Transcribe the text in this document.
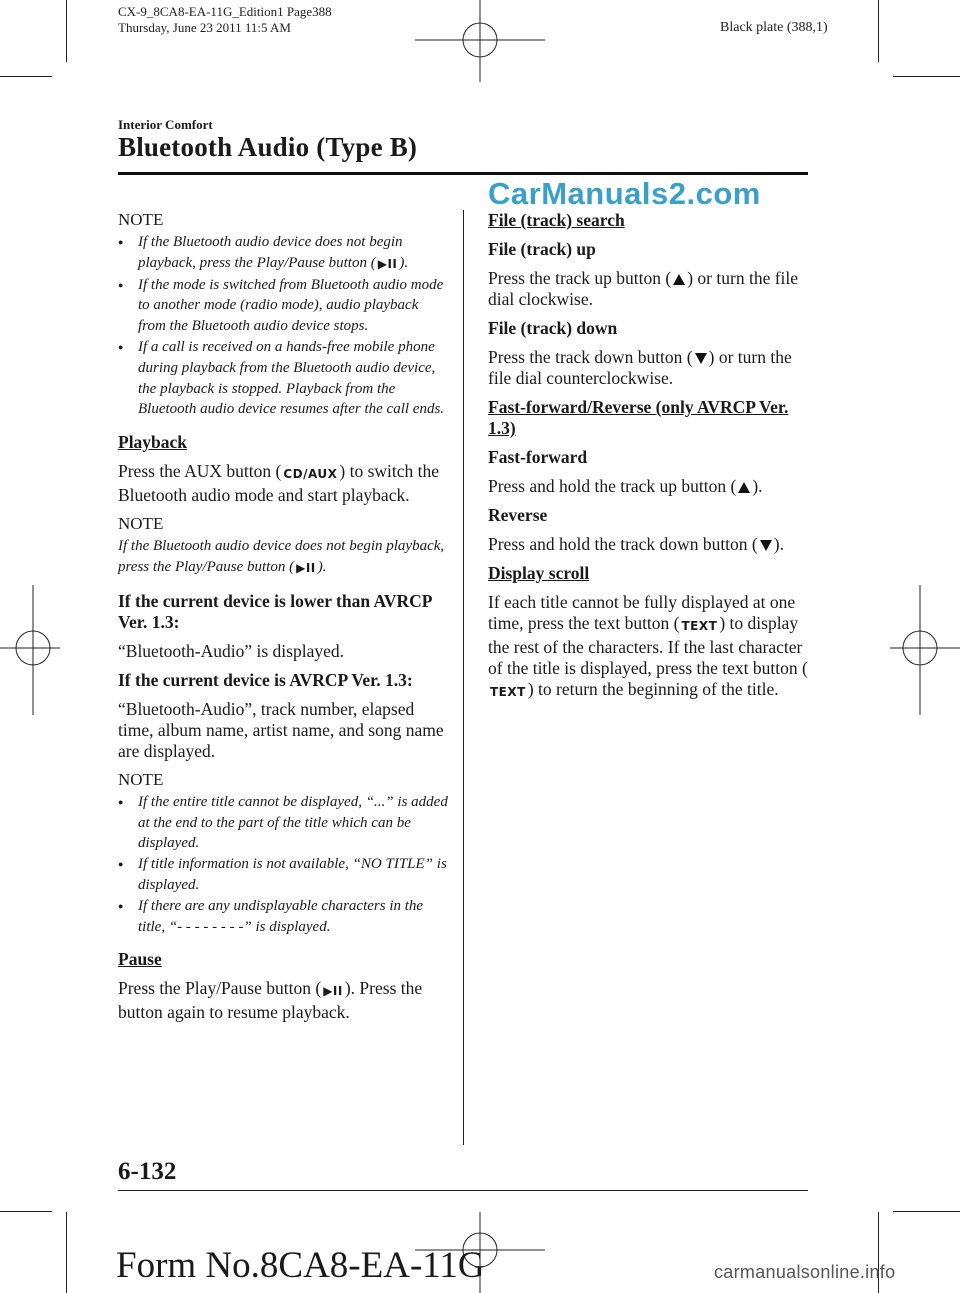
CX-9_8CA8-EA-11G_Edition1 Page388
Thursday, June 23 2011 11:5 AM	Black plate (388,1)
Interior Comfort
Bluetooth Audio (Type B)
CarManuals2.com
NOTE
● If the Bluetooth audio device does not begin playback, press the Play/Pause button ( ▶II ).
● If the mode is switched from Bluetooth audio mode to another mode (radio mode), audio playback from the Bluetooth audio device stops.
● If a call is received on a hands-free mobile phone during playback from the Bluetooth audio device, the playback is stopped. Playback from the Bluetooth audio device resumes after the call ends.
Playback
Press the AUX button ( CD/AUX ) to switch the Bluetooth audio mode and start playback.
NOTE
If the Bluetooth audio device does not begin playback, press the Play/Pause button ( ▶II ).
If the current device is lower than AVRCP Ver. 1.3:
“Bluetooth-Audio” is displayed.
If the current device is AVRCP Ver. 1.3:
“Bluetooth-Audio”, track number, elapsed time, album name, artist name, and song name are displayed.
NOTE
● If the entire title cannot be displayed, “...” is added at the end to the part of the title which can be displayed.
● If title information is not available, “NO TITLE” is displayed.
● If there are any undisplayable characters in the title, “- - - - - - - -” is displayed.
Pause
Press the Play/Pause button ( ▶II ). Press the button again to resume playback.
File (track) search
File (track) up
Press the track up button ( ) or turn the file dial clockwise.
File (track) down
Press the track down button ( ) or turn the file dial counterclockwise.
Fast-forward/Reverse (only AVRCP Ver. 1.3)
Fast-forward
Press and hold the track up button ( ).
Reverse
Press and hold the track down button ( ).
Display scroll
If each title cannot be fully displayed at one time, press the text button ( TEXT ) to display the rest of the characters. If the last character of the title is displayed, press the text button (TEXT ) to return the beginning of the title.
6-132
Form No.8CA8-EA-11G	carmanualsonline.info
